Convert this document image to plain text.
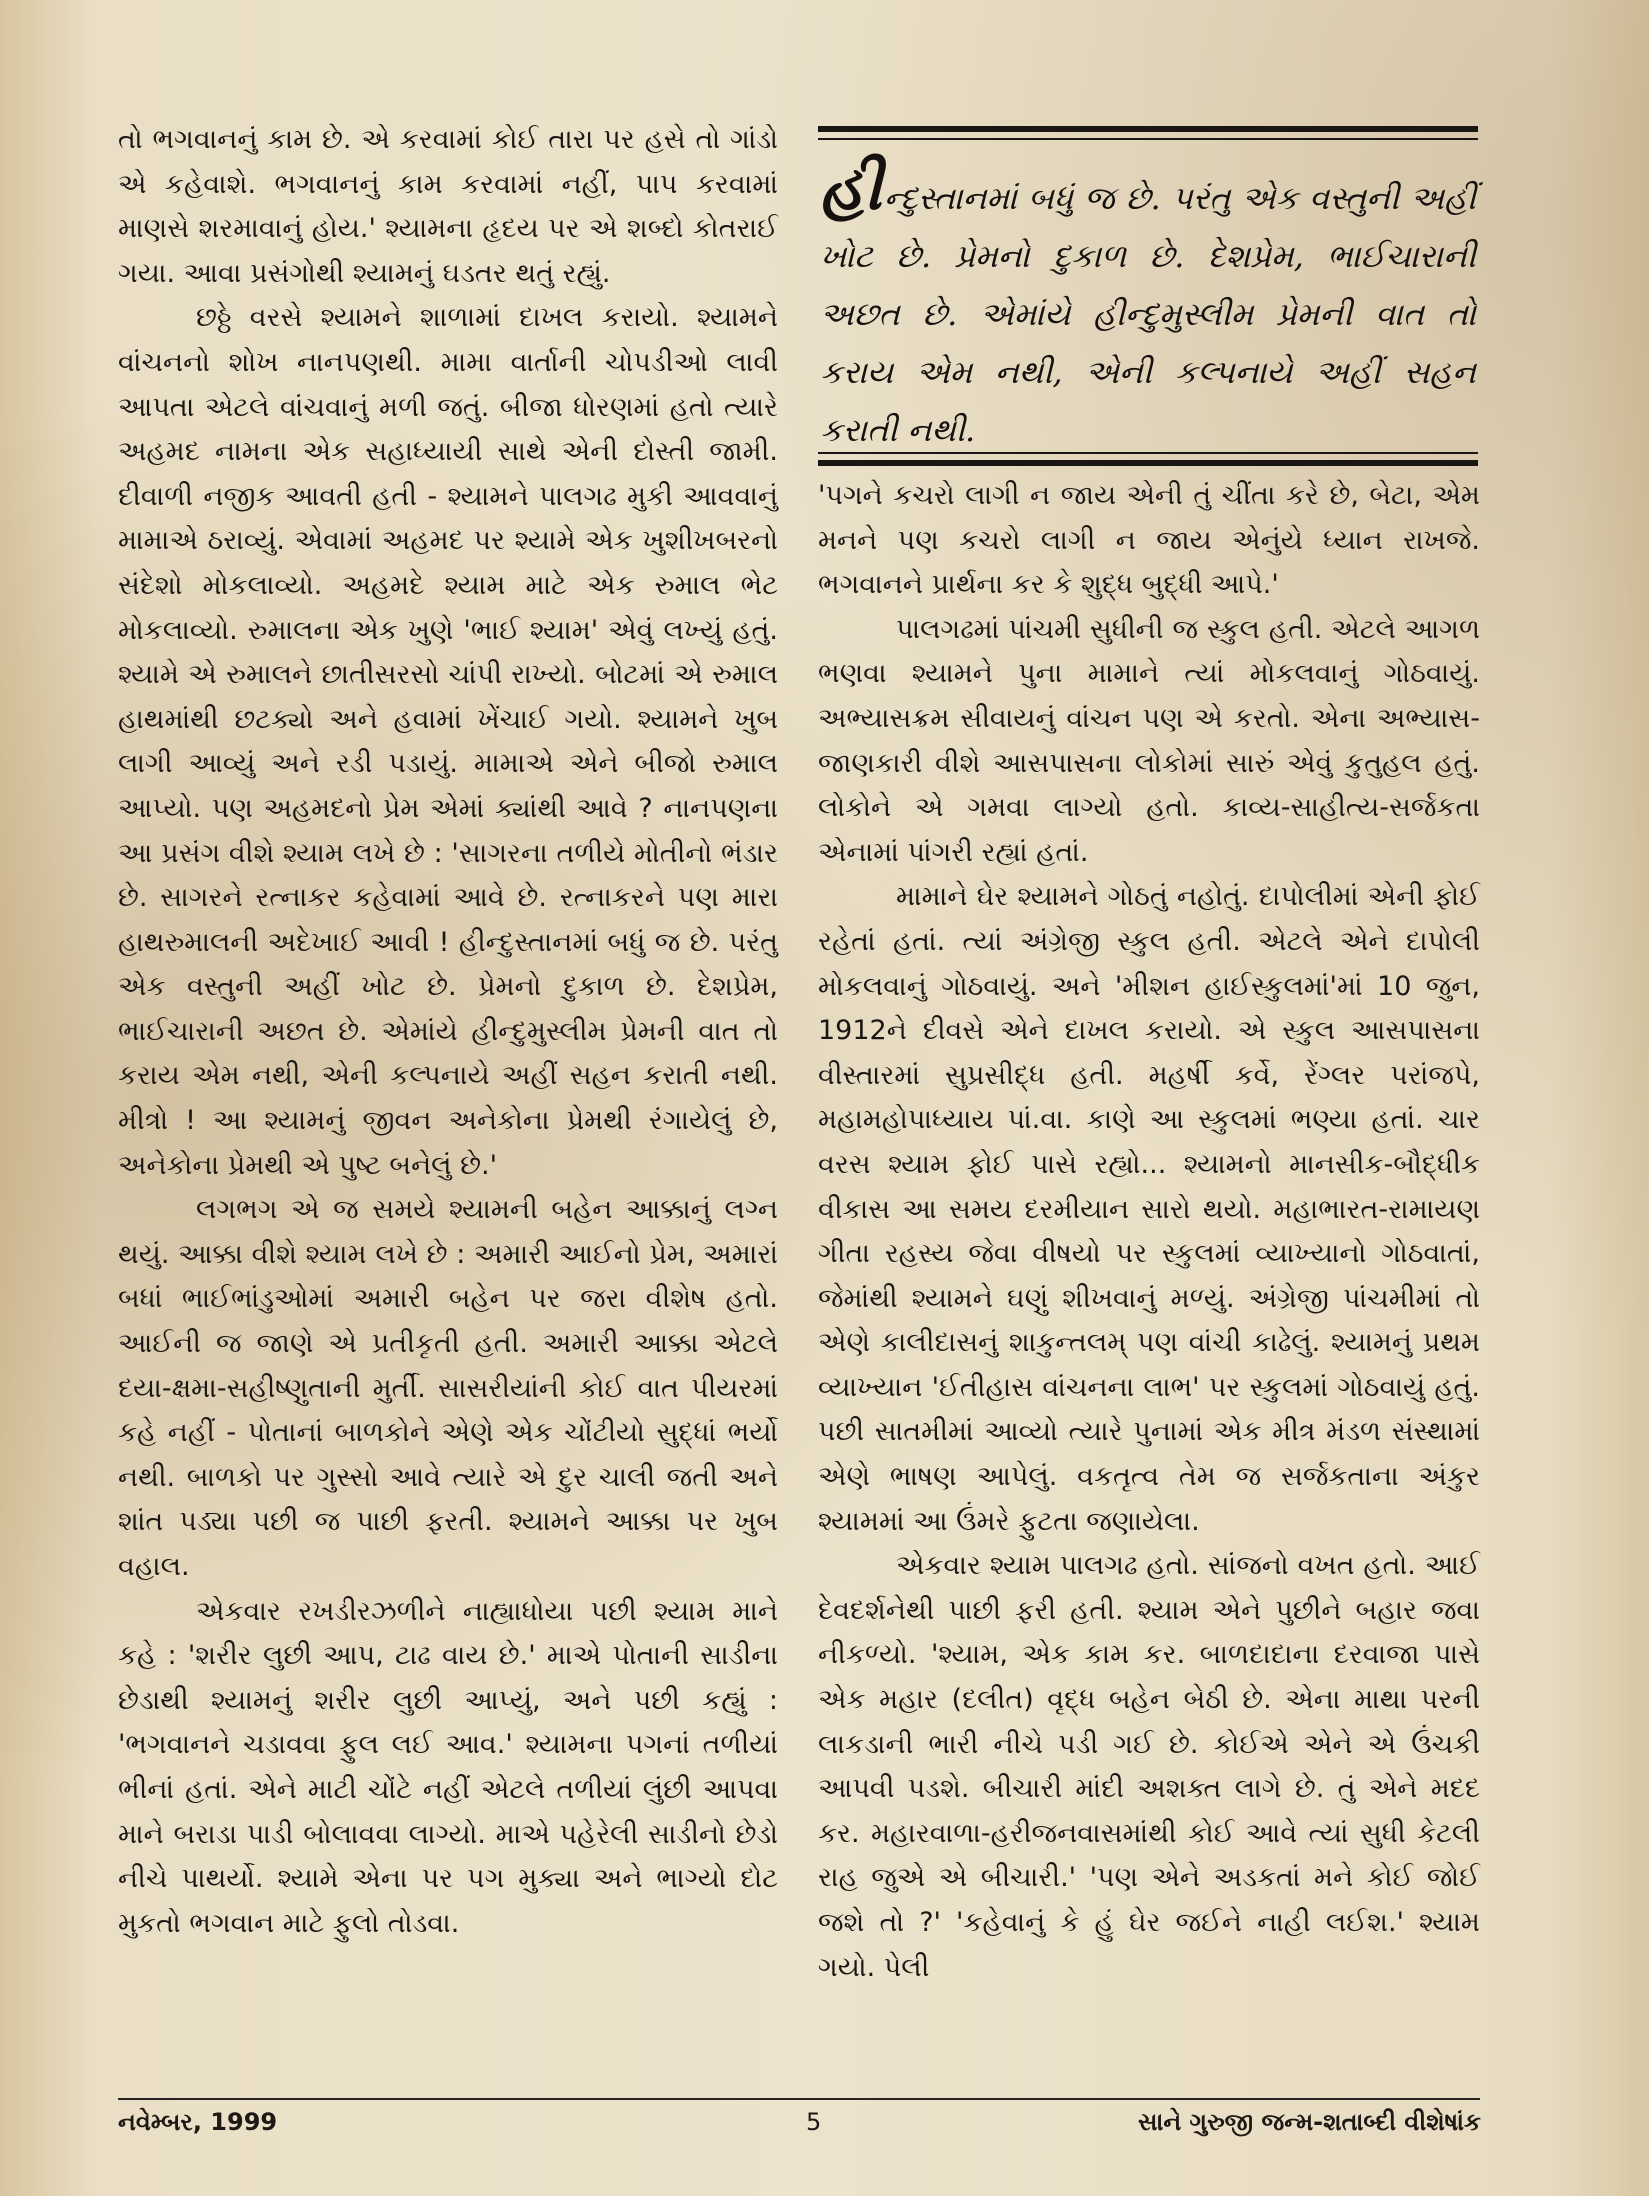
તો ભગવાનનું કામ છે. એ કરવામાં કોઈ તારા પર હસે તો ગાંડો એ કહેવાશે. ભગવાનનું કામ કરવામાં નહીં, પાપ કરવામાં માણસે શરમાવાનું હોય.' શ્યામના હૃદય પર એ શબ્દો કોતરાઈ ગયા. આવા પ્રસંગોથી શ્યામનું ઘડતર થતું રહ્યું.

છઠ્ઠે વરસે શ્યામને શાળામાં દાખલ કરાયો. શ્યામને વાંચનનો શોખ નાનપણથી. મામા વાર્તાની ચોપડીઓ લાવી આપતા એટલે વાંચવાનું મળી જતું. બીજા ધોરણમાં હતો ત્યારે અહમદ નામના એક સહાધ્યાયી સાથે એની દોસ્તી જામી. દીવાળી નજીક આવતી હતી - શ્યામને પાલગઢ મુકી આવવાનું મામાએ ઠરાવ્યું. એવામાં અહમદ પર શ્યામે એક ખુશીખબરનો સંદેશો મોકલાવ્યો. અહમદે શ્યામ માટે એક રુમાલ ભેટ મોકલાવ્યો. રુમાલના એક ખુણે 'ભાઈ શ્યામ' એવું લખ્યું હતું. શ્યામે એ રુમાલને છાતીસરસો ચાંપી રાખ્યો. બોટમાં એ રુમાલ હાથમાંથી છટક્યો અને હવામાં ખેંચાઈ ગયો. શ્યામને ખુબ લાગી આવ્યું અને રડી પડાયું. મામાએ એને બીજો રુમાલ આપ્યો. પણ અહમદનો પ્રેમ એમાં ક્યાંથી આવે ? નાનપણના આ પ્રસંગ વીશે શ્યામ લખે છે : 'સાગરના તળીયે મોતીનો ભંડાર છે. સાગરને રત્નાકર કહેવામાં આવે છે. રત્નાકરને પણ મારા હાથરુમાલની અદેખાઈ આવી ! હીન્દુસ્તાનમાં બધું જ છે. પરંતુ એક વસ્તુની અહીં ખોટ છે. પ્રેમનો દુકાળ છે. દેશપ્રેમ, ભાઈચારાની અછત છે. એમાંયે હીન્દુમુસ્લીમ પ્રેમની વાત તો કરાય એમ નથી, એની કલ્પનાયે અહીં સહન કરાતી નથી. મીત્રો ! આ શ્યામનું જીવન અનેકોના પ્રેમથી રંગાયેલું છે, અનેકોના પ્રેમથી એ પુષ્ટ બનેલું છે.'

લગભગ એ જ સમયે શ્યામની બહેન આક્કાનું લગ્ન થયું. આક્કા વીશે શ્યામ લખે છે : અમારી આઈનો પ્રેમ, અમારાં બધાં ભાઈભાંડુઓમાં અમારી બહેન પર જરા વીશેષ હતો. આઈની જ જાણે એ પ્રતીકૃતી હતી. અમારી આક્કા એટલે દયા-ક્ષમા-સહીષ્ણુતાની મુર્તી. સાસરીયાંની કોઈ વાત પીયરમાં કહે નહીં - પોતાનાં બાળકોને એણે એક ચોંટીયો સુદ્ધાં ભર્યો નથી. બાળકો પર ગુસ્સો આવે ત્યારે એ દુર ચાલી જતી અને શાંત પડ્યા પછી જ પાછી ફરતી. શ્યામને આક્કા પર ખુબ વહાલ.

એકવાર રખડીરઝળીને નાહ્યાધોયા પછી શ્યામ માને કહે : 'શરીર લુછી આપ, ટાઢ વાય છે.' માએ પોતાની સાડીના છેડાથી શ્યામનું શરીર લુછી આપ્યું, અને પછી કહ્યું : 'ભગવાનને ચડાવવા ફુલ લઈ આવ.' શ્યામના પગનાં તળીયાં ભીનાં હતાં. એને માટી ચોંટે નહીં એટલે તળીયાં લુંછી આપવા માને બરાડા પાડી બોલાવવા લાગ્યો. માએ પહેરેલી સાડીનો છેડો નીચે પાથર્યો. શ્યામે એના પર પગ મુક્યા અને ભાગ્યો દોટ મુકતો ભગવાન માટે ફુલો તોડવા.

હીન્દુસ્તાનમાં બધું જ છે. પરંતુ એક વસ્તુની અહીં ખોટ છે. પ્રેમનો દુકાળ છે. દેશપ્રેમ, ભાઈચારાની અછત છે. એમાંયે હીન્દુમુસ્લીમ પ્રેમની વાત તો કરાય એમ નથી, એની કલ્પનાયે અહીં સહન કરાતી નથી.

'પગને કચરો લાગી ન જાય એની તું ચીંતા કરે છે, બેટા, એમ મનને પણ કચરો લાગી ન જાય એનુંયે ધ્યાન રાખજે. ભગવાનને પ્રાર્થના કર કે શુદ્ધ બુદ્ધી આપે.'

પાલગઢમાં પાંચમી સુધીની જ સ્કુલ હતી. એટલે આગળ ભણવા શ્યામને પુના મામાને ત્યાં મોકલવાનું ગોઠવાયું. અભ્યાસક્રમ સીવાયનું વાંચન પણ એ કરતો. એના અભ્યાસ-જાણકારી વીશે આસપાસના લોકોમાં સારું એવું કુતુહલ હતું. લોકોને એ ગમવા લાગ્યો હતો. કાવ્ય-સાહીત્ય-સર્જકતા એનામાં પાંગરી રહ્યાં હતાં.

મામાને ઘેર શ્યામને ગોઠતું નહોતું. દાપોલીમાં એની ફોઈ રહેતાં હતાં. ત્યાં અંગ્રેજી સ્કુલ હતી. એટલે એને દાપોલી મોકલવાનું ગોઠવાયું. અને 'મીશન હાઈસ્કુલમાં'માં 10 જુન, 1912ને દીવસે એને દાખલ કરાયો. એ સ્કુલ આસપાસના વીસ્તારમાં સુપ્રસીદ્ધ હતી. મહર્ષી કર્વે, રેંગ્લર પરાંજપે, મહામહોપાધ્યાય પાં.વા. કાણે આ સ્કુલમાં ભણ્યા હતાં. ચાર વરસ શ્યામ ફોઈ પાસે રહ્યો... શ્યામનો માનસીક-બૌદ્ધીક વીકાસ આ સમય દરમીયાન સારો થયો. મહાભારત-રામાયણ ગીતા રહસ્ય જેવા વીષયો પર સ્કુલમાં વ્યાખ્યાનો ગોઠવાતાં, જેમાંથી શ્યામને ઘણું શીખવાનું મળ્યું. અંગ્રેજી પાંચમીમાં તો એણે કાલીદાસનું શાકુન્તલમ્ પણ વાંચી કાઢેલું. શ્યામનું પ્રથમ વ્યાખ્યાન 'ઈતીહાસ વાંચનના લાભ' પર સ્કુલમાં ગોઠવાયું હતું. પછી સાતમીમાં આવ્યો ત્યારે પુનામાં એક મીત્ર મંડળ સંસ્થામાં એણે ભાષણ આપેલું. વકતૃત્વ તેમ જ સર્જકતાના અંકુર શ્યામમાં આ ઉંમરે ફુટતા જણાયેલા.

એકવાર શ્યામ પાલગઢ હતો. સાંજનો વખત હતો. આઈ દેવદર્શનેથી પાછી ફરી હતી. શ્યામ એને પુછીને બહાર જવા નીકળ્યો. 'શ્યામ, એક કામ કર. બાળદાદાના દરવાજા પાસે એક મહાર (દલીત) વૃદ્ધ બહેન બેઠી છે. એના માથા પરની લાકડાની ભારી નીચે પડી ગઈ છે. કોઈએ એને એ ઉંચકી આપવી પડશે. બીચારી માંદી અશક્ત લાગે છે. તું એને મદદ કર. મહારવાળા-હરીજનવાસમાંથી કોઈ આવે ત્યાં સુધી કેટલી રાહ જુએ એ બીચારી.' 'પણ એને અડકતાં મને કોઈ જોઈ જશે તો ?' 'કહેવાનું કે હું ઘેર જઈને નાહી લઈશ.' શ્યામ ગયો. પેલી

નવેમ્બર, 1999	5	સાને ગુરુજી જન્મ-શતાબ્દી વીશેષાંક
